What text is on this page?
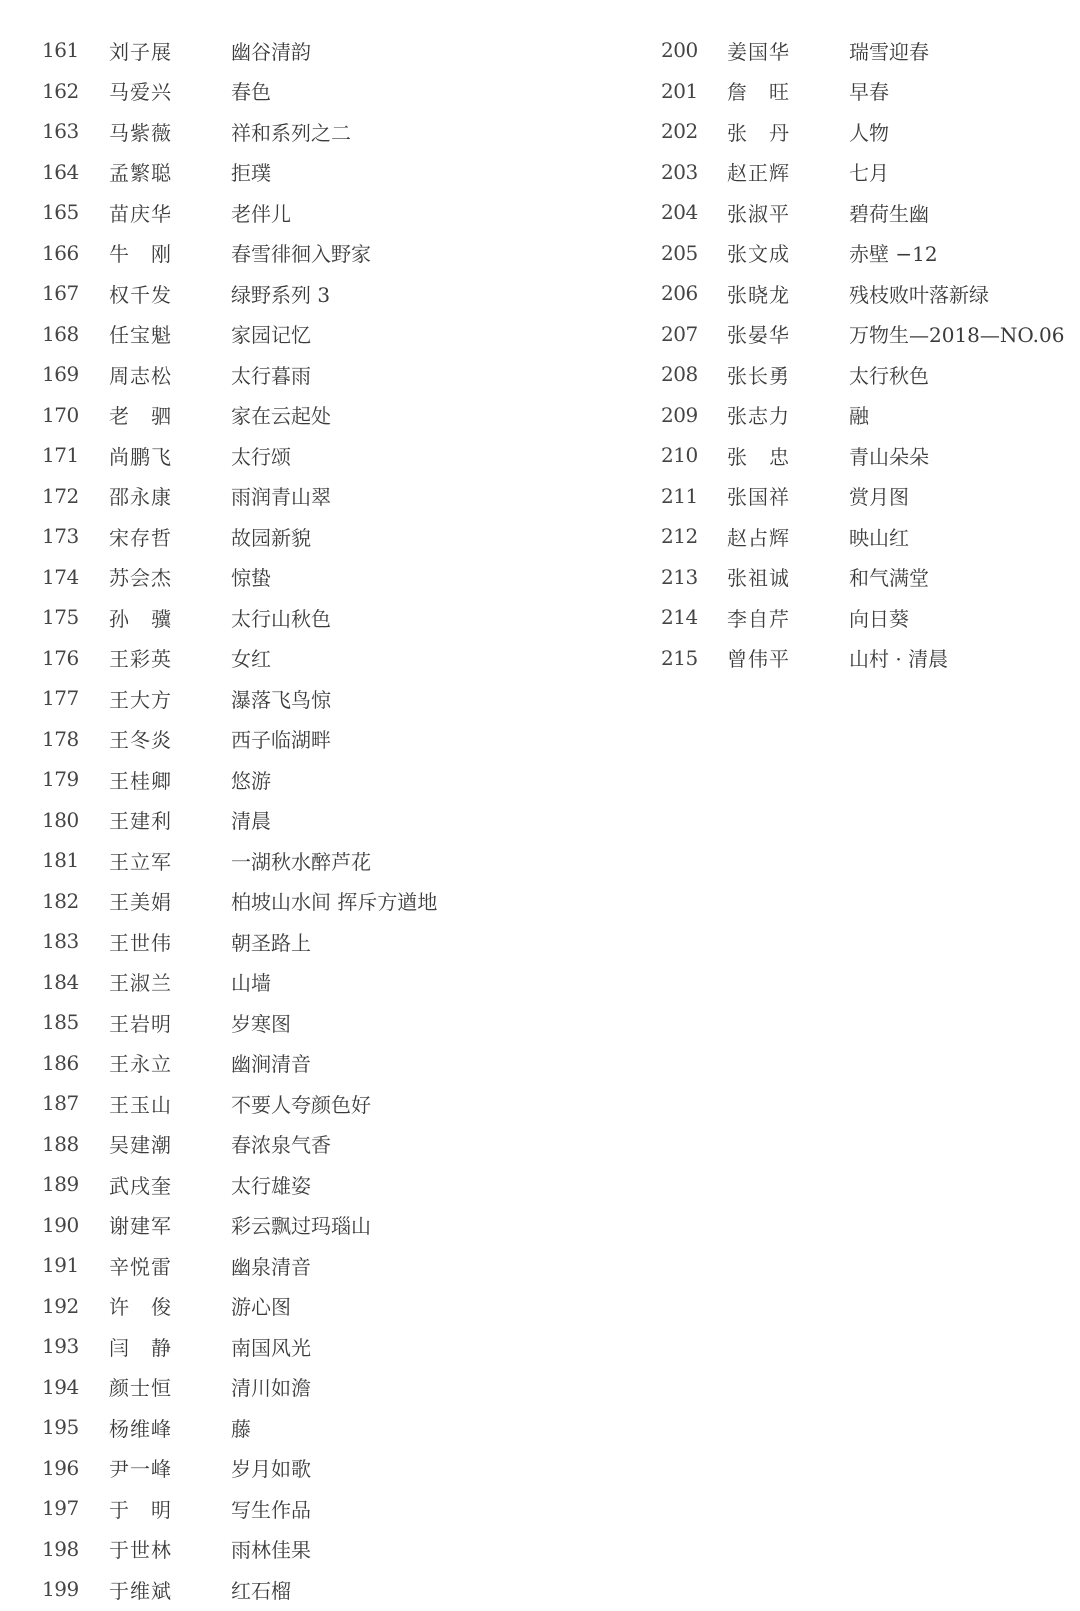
161	刘子展	幽谷清韵
162	马爱兴	春色
163	马紫薇	祥和系列之二
164	孟繁聪	拒璞
165	苗庆华	老伴儿
166	牛　刚	春雪徘徊入野家
167	权千发	绿野系列 3
168	任宝魁	家园记忆
169	周志松	太行暮雨
170	老　驷	家在云起处
171	尚鹏飞	太行颂
172	邵永康	雨润青山翠
173	宋存哲	故园新貌
174	苏会杰	惊蛰
175	孙　骥	太行山秋色
176	王彩英	女红
177	王大方	瀑落飞鸟惊
178	王冬炎	西子临湖畔
179	王桂卿	悠游
180	王建利	清晨
181	王立军	一湖秋水醉芦花
182	王美娟	柏坡山水间 挥斥方遒地
183	王世伟	朝圣路上
184	王淑兰	山墙
185	王岩明	岁寒图
186	王永立	幽涧清音
187	王玉山	不要人夸颜色好
188	吴建潮	春浓泉气香
189	武戌奎	太行雄姿
190	谢建军	彩云飘过玛瑙山
191	辛悦雷	幽泉清音
192	许　俊	游心图
193	闫　静	南国风光
194	颜士恒	清川如澹
195	杨维峰	藤
196	尹一峰	岁月如歌
197	于　明	写生作品
198	于世林	雨林佳果
199	于维斌	红石榴
200	姜国华	瑞雪迎春
201	詹　旺	早春
202	张　丹	人物
203	赵正辉	七月
204	张淑平	碧荷生幽
205	张文成	赤壁 −12
206	张晓龙	残枝败叶落新绿
207	张晏华	万物生—2018—NO.06
208	张长勇	太行秋色
209	张志力	融
210	张　忠	青山朵朵
211	张国祥	赏月图
212	赵占辉	映山红
213	张祖诚	和气满堂
214	李自芹	向日葵
215	曾伟平	山村 · 清晨
